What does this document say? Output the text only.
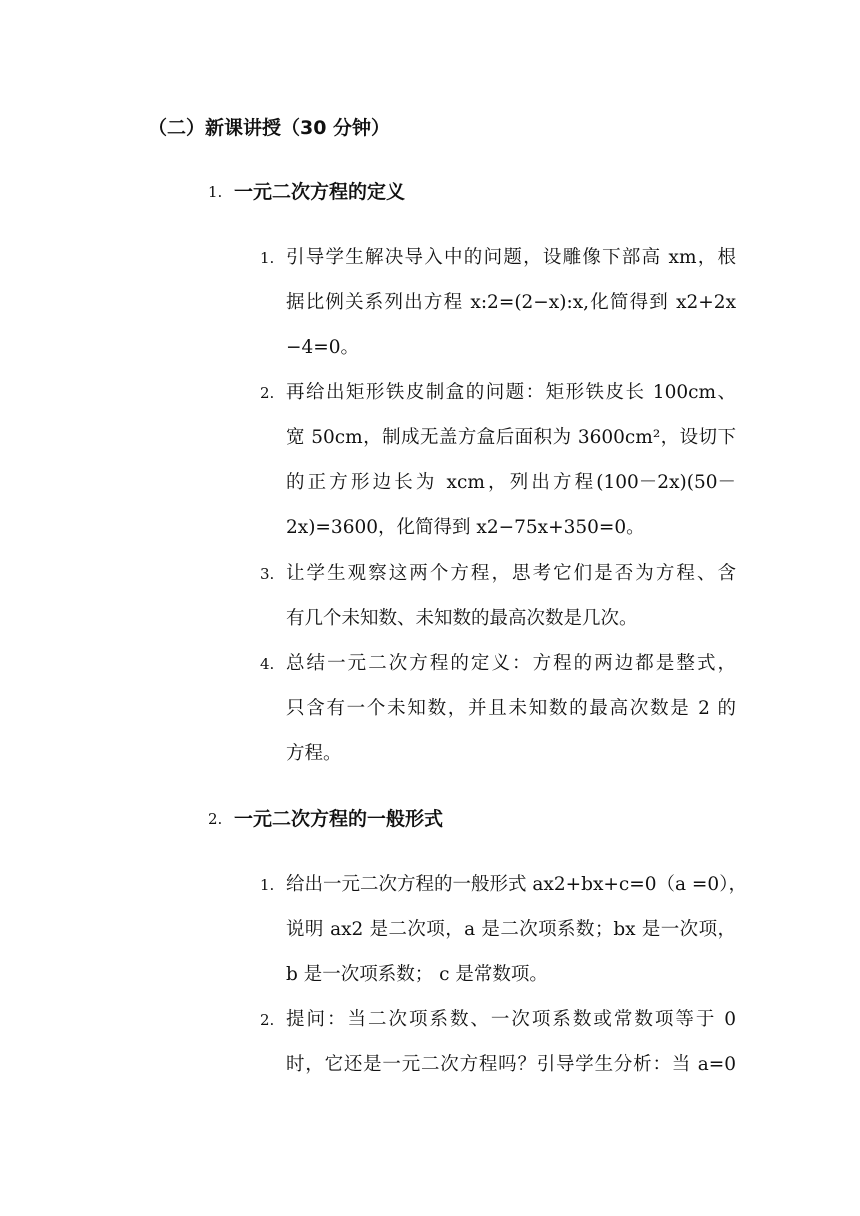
（二）新课讲授（30 分钟）
1. 一元二次方程的定义
1. 引导学生解决导入中的问题，设雕像下部高 xm，根
据比例关系列出方程 x:2=(2−x):x,化简得到 x2+2x
−4=0。
2. 再给出矩形铁皮制盒的问题：矩形铁皮长 100cm、
宽 50cm，制成无盖方盒后面积为 3600cm²，设切下
的正方形边长为 xcm，列出方程(100－2x)(50－
2x)=3600，化简得到 x2−75x+350=0。
3. 让学生观察这两个方程，思考它们是否为方程、含
有几个未知数、未知数的最高次数是几次。
4. 总结一元二次方程的定义：方程的两边都是整式，
只含有一个未知数，并且未知数的最高次数是 2 的
方程。
2. 一元二次方程的一般形式
1. 给出一元二次方程的一般形式 ax2+bx+c=0（a =0），
说明 ax2 是二次项，a 是二次项系数；bx 是一次项，
b 是一次项系数； c 是常数项。
2. 提问：当二次项系数、一次项系数或常数项等于 0
时，它还是一元二次方程吗？引导学生分析：当 a=0
